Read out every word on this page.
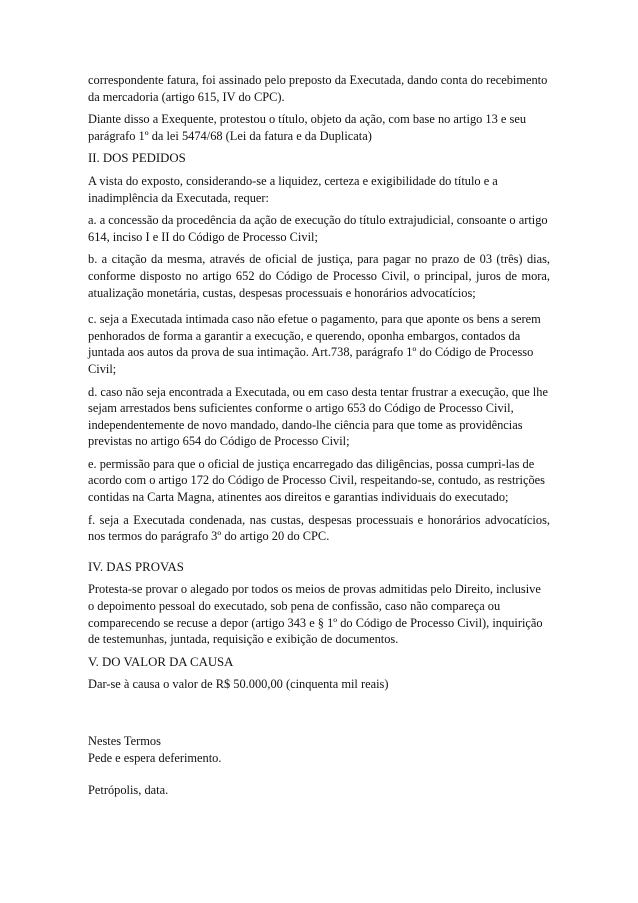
correspondente fatura, foi assinado pelo preposto da Executada, dando conta do recebimento da mercadoria (artigo 615, IV do CPC).

Diante disso a Exequente, protestou o título, objeto da ação, com base no artigo 13 e seu parágrafo 1º da lei 5474/68 (Lei da fatura e da Duplicata)

II. DOS PEDIDOS

A vista do exposto, considerando-se a liquidez, certeza e exigibilidade do título e a inadimplência da Executada, requer:

a. a concessão da procedência da ação de execução do título extrajudicial, consoante o artigo 614, inciso I e II do Código de Processo Civil;

b. a citação da mesma, através de oficial de justiça, para pagar no prazo de 03 (três) dias, conforme disposto no artigo 652 do Código de Processo Civil, o principal, juros de mora, atualização monetária, custas, despesas processuais e honorários advocatícios;

c. seja a Executada intimada caso não efetue o pagamento, para que aponte os bens a serem penhorados de forma a garantir a execução, e querendo, oponha embargos, contados da juntada aos autos da prova de sua intimação. Art.738, parágrafo 1º do Código de Processo Civil;

d. caso não seja encontrada a Executada, ou em caso desta tentar frustrar a execução, que lhe sejam arrestados bens suficientes conforme o artigo 653 do Código de Processo Civil, independentemente de novo mandado, dando-lhe ciência para que tome as providências previstas no artigo 654 do Código de Processo Civil;

e. permissão para que o oficial de justiça encarregado das diligências, possa cumpri-las de acordo com o artigo 172 do Código de Processo Civil, respeitando-se, contudo, as restrições contidas na Carta Magna, atinentes aos direitos e garantias individuais do executado;

f. seja a Executada condenada, nas custas, despesas processuais e honorários advocatícios, nos termos do parágrafo 3º do artigo 20 do CPC.

IV. DAS PROVAS

Protesta-se provar o alegado por todos os meios de provas admitidas pelo Direito, inclusive o depoimento pessoal do executado, sob pena de confissão, caso não compareça ou comparecendo se recuse a depor (artigo 343 e § 1º do Código de Processo Civil), inquirição de testemunhas, juntada, requisição e exibição de documentos.

V. DO VALOR DA CAUSA

Dar-se à causa o valor de R$ 50.000,00 (cinquenta mil reais)

Nestes Termos
Pede e espera deferimento.
Petrópolis, data.
